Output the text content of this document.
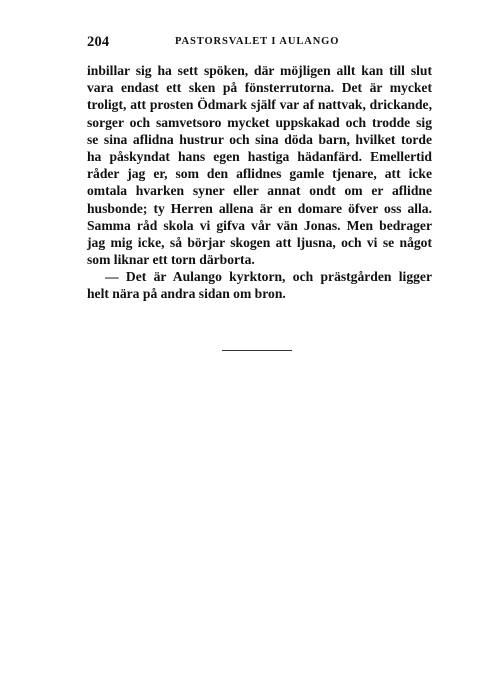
204	PASTORSVALET I AULANGO
inbillar sig ha sett spöken, där möjligen allt kan till slut
vara endast ett sken på fönsterrutorna. Det är mycket
troligt, att prosten Ödmark själf var af nattvak, drickande,
sorger och samvetsoro mycket uppskakad och trodde sig
se sina aflidna hustrur och sina döda barn, hvilket torde
ha påskyndat hans egen hastiga hädanfärd. Emellertid
råder jag er, som den aflidnes gamle tjenare, att icke
omtala hvarken syner eller annat ondt om er aflidne
husbonde; ty Herren allena är en domare öfver oss alla.
Samma råd skola vi gifva vår vän Jonas. Men bedrager
jag mig icke, så börjar skogen att ljusna, och vi se något
som liknar ett torn därborta.
— Det är Aulango kyrktorn, och prästgården ligger
helt nära på andra sidan om bron.
